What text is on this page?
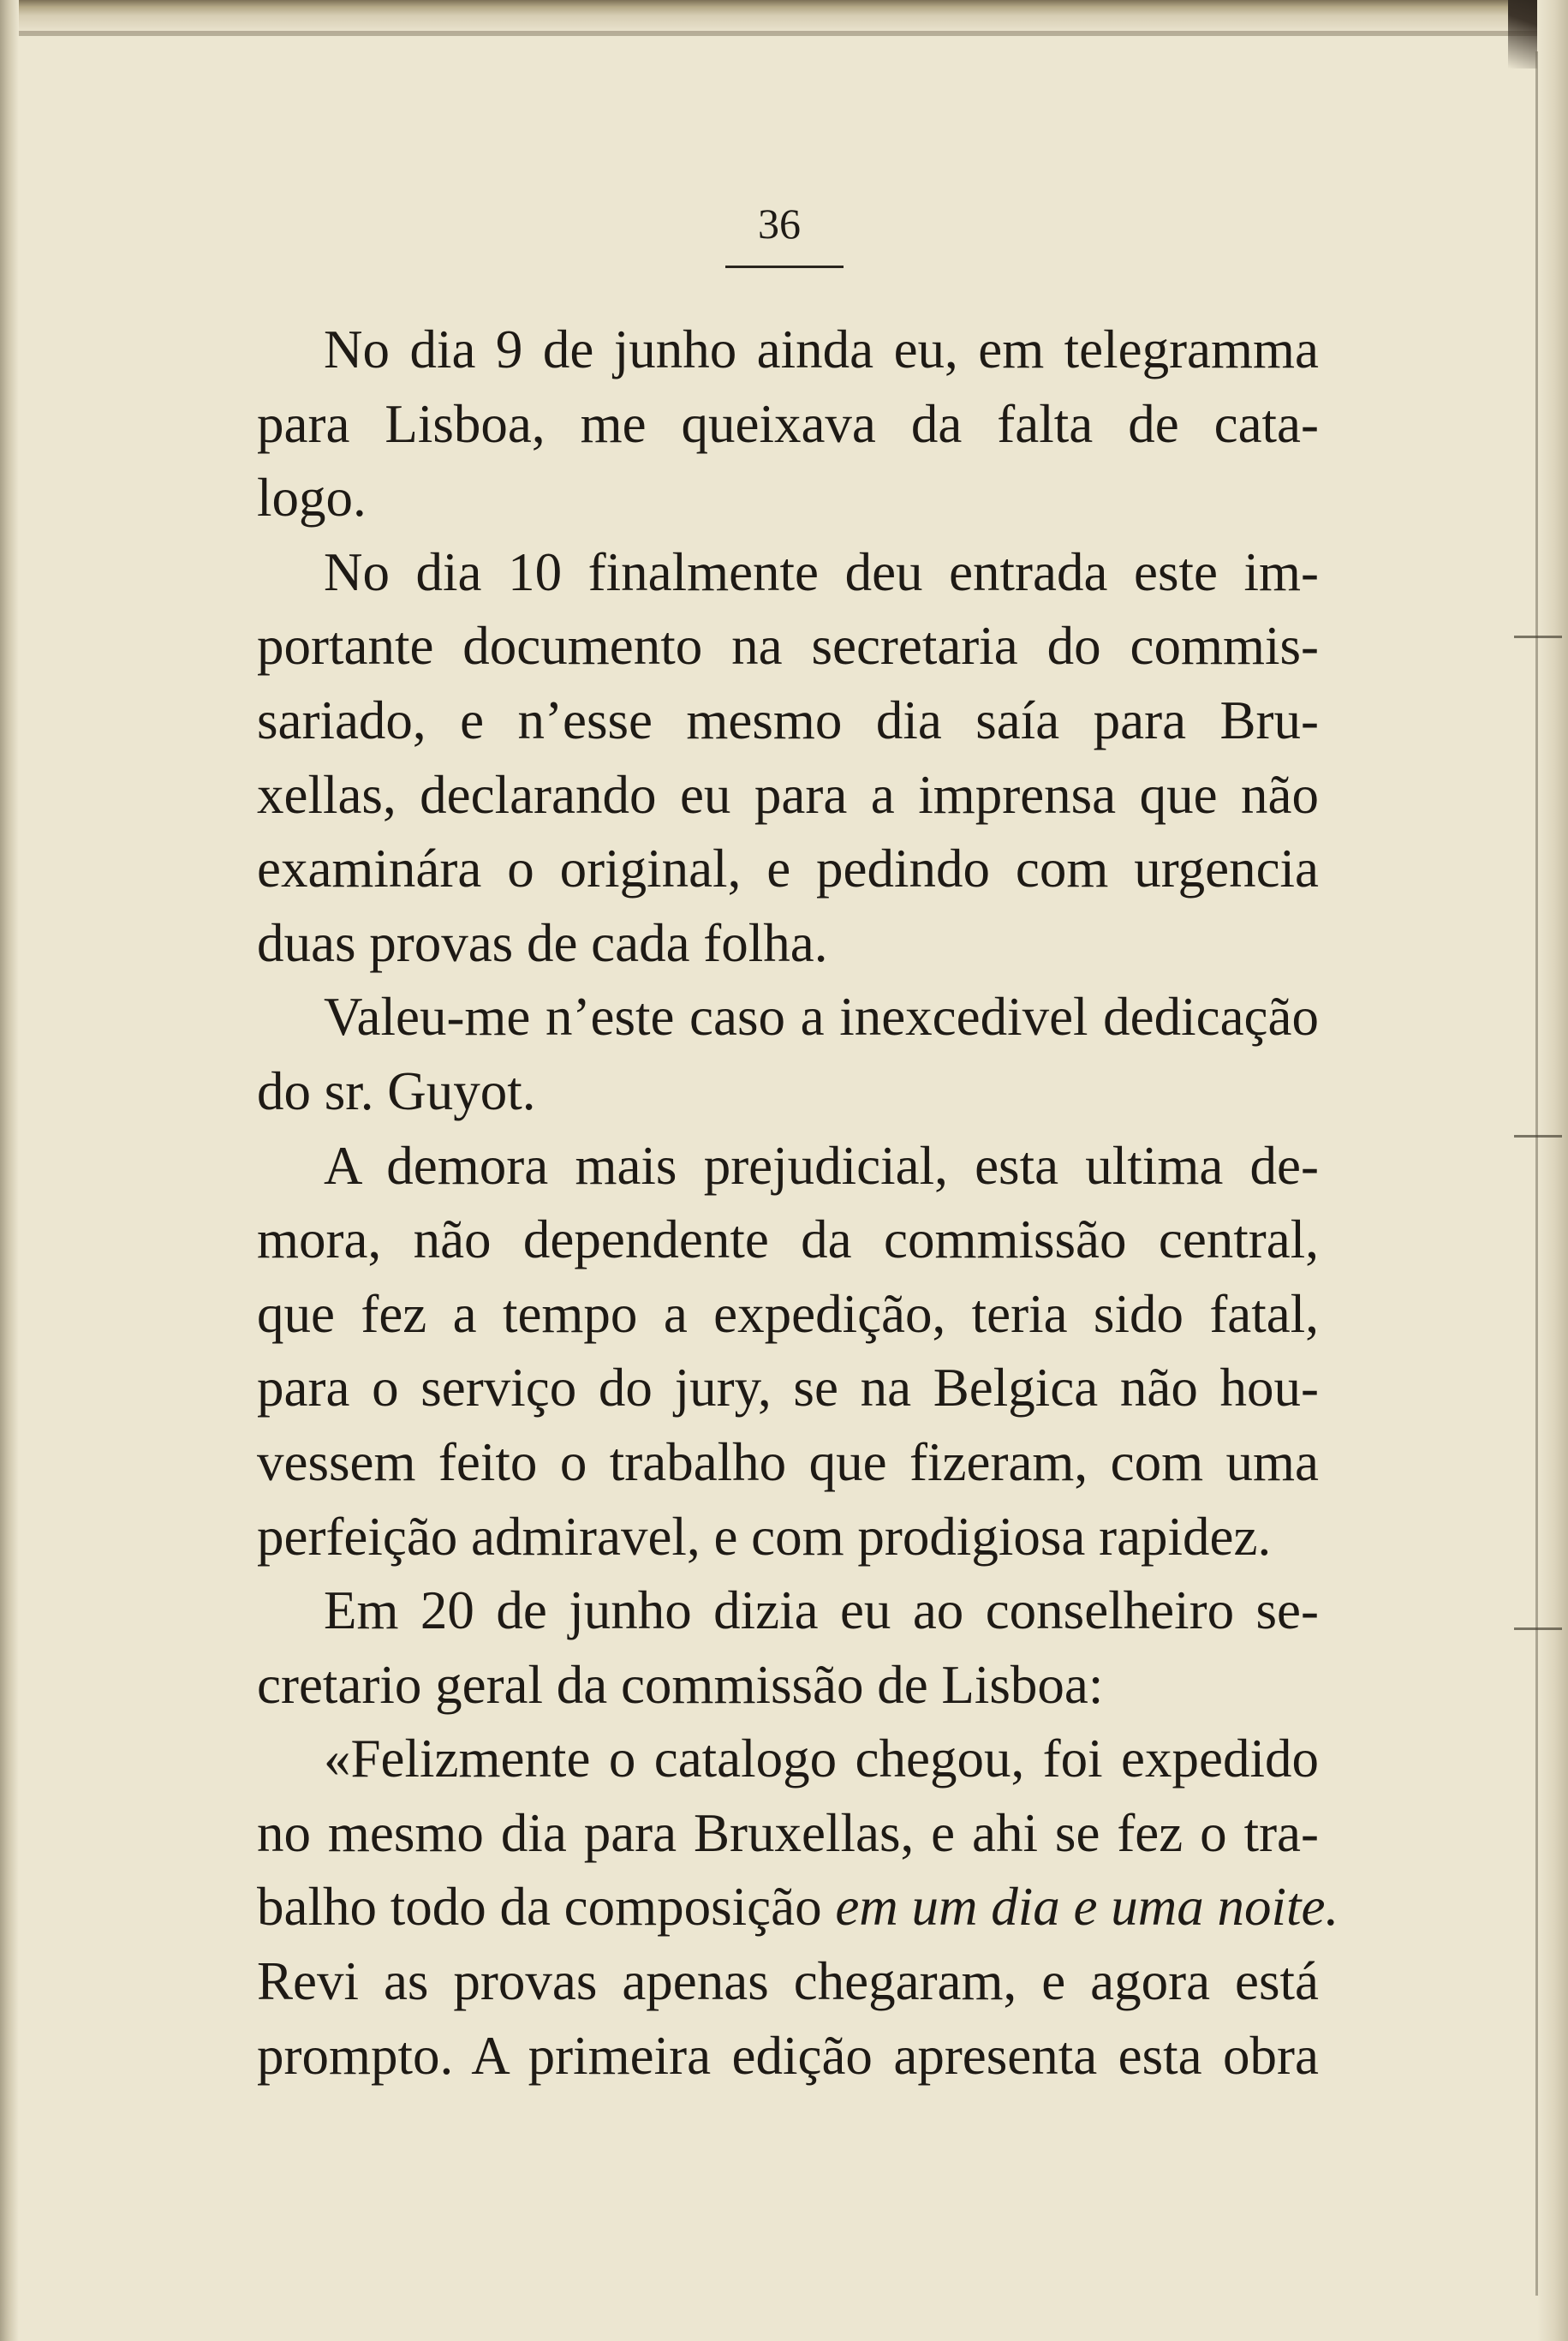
36
No dia 9 de junho ainda eu, em telegramma
para Lisboa, me queixava da falta de cata-
logo.
No dia 10 finalmente deu entrada este im-
portante documento na secretaria do commis-
sariado, e n’esse mesmo dia saía para Bru-
xellas, declarando eu para a imprensa que não
examinára o original, e pedindo com urgencia
duas provas de cada folha.
Valeu-me n’este caso a inexcedivel dedicação
do sr. Guyot.
A demora mais prejudicial, esta ultima de-
mora, não dependente da commissão central,
que fez a tempo a expedição, teria sido fatal,
para o serviço do jury, se na Belgica não hou-
vessem feito o trabalho que fizeram, com uma
perfeição admiravel, e com prodigiosa rapidez.
Em 20 de junho dizia eu ao conselheiro se-
cretario geral da commissão de Lisboa:
«Felizmente o catalogo chegou, foi expedido
no mesmo dia para Bruxellas, e ahi se fez o tra-
balho todo da composição em um dia e uma noite.
Revi as provas apenas chegaram, e agora está
prompto. A primeira edição apresenta esta obra
